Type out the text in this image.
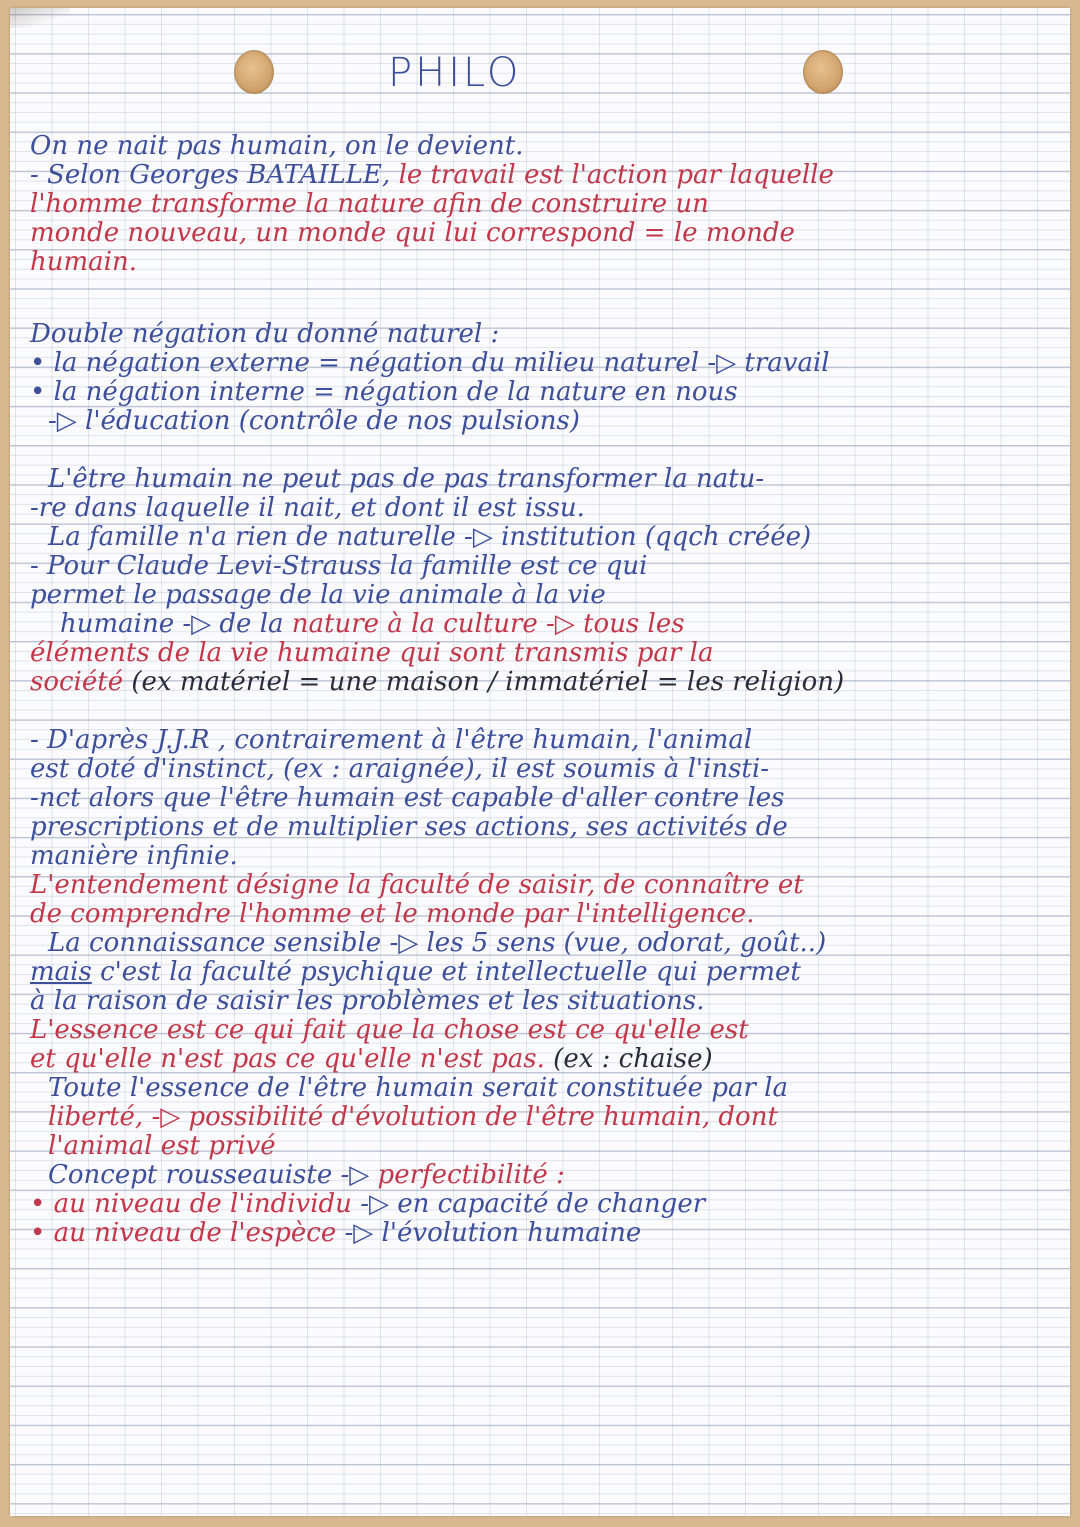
PHILO
On ne nait pas humain, on le devient.
- Selon Georges BATAILLE, le travail est l'action par laquelle
l'homme transforme la nature afin de construire un
monde nouveau, un monde qui lui correspond = le monde
humain.
Double négation du donné naturel :
• la négation externe = négation du milieu naturel -▷ travail
• la négation interne = négation de la nature en nous
-▷ l'éducation (contrôle de nos pulsions)
L'être humain ne peut pas de pas transformer la natu-
-re dans laquelle il nait, et dont il est issu.
La famille n'a rien de naturelle -▷ institution (qqch créée)
- Pour Claude Levi-Strauss la famille est ce qui
permet le passage de la vie animale à la vie
humaine -▷ de la nature à la culture -▷ tous les
éléments de la vie humaine qui sont transmis par la
société (ex matériel = une maison / immatériel = les religion)
- D'après J.J.R , contrairement à l'être humain, l'animal
est doté d'instinct, (ex : araignée), il est soumis à l'insti-
-nct alors que l'être humain est capable d'aller contre les
prescriptions et de multiplier ses actions, ses activités de
manière infinie.
L'entendement désigne la faculté de saisir, de connaître et
de comprendre l'homme et le monde par l'intelligence.
La connaissance sensible -▷ les 5 sens (vue, odorat, goût..)
mais c'est la faculté psychique et intellectuelle qui permet
à la raison de saisir les problèmes et les situations.
L'essence est ce qui fait que la chose est ce qu'elle est
et qu'elle n'est pas ce qu'elle n'est pas. (ex : chaise)
Toute l'essence de l'être humain serait constituée par la
liberté, -▷ possibilité d'évolution de l'être humain, dont
l'animal est privé
Concept rousseauiste -▷ perfectibilité :
• au niveau de l'individu -▷ en capacité de changer
• au niveau de l'espèce -▷ l'évolution humaine
